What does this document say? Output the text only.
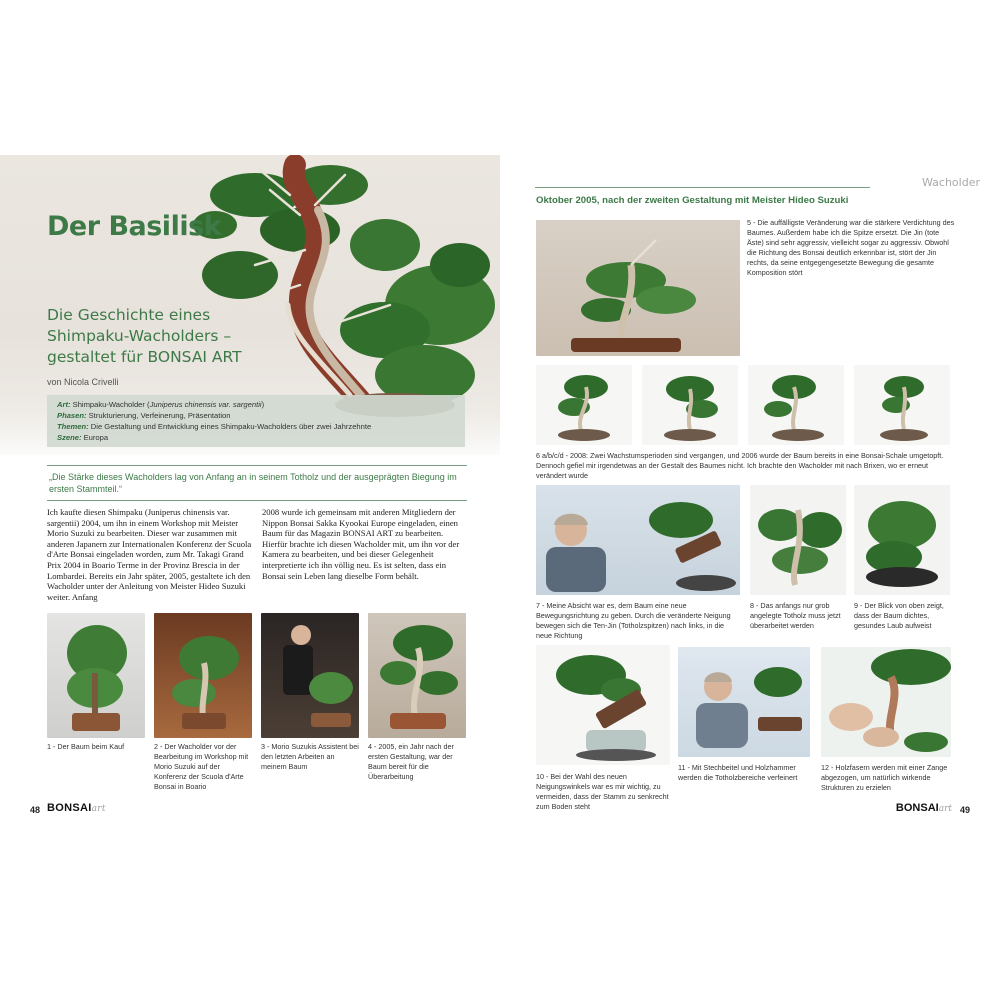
Der Basilisk
Die Geschichte eines Shimpaku-Wacholders – gestaltet für BONSAI ART
von Nicola Crivelli
Art: Shimpaku-Wacholder (Juniperus chinensis var. sargentii)
Phasen: Strukturierung, Verfeinerung, Präsentation
Themen: Die Gestaltung und Entwicklung eines Shimpaku-Wacholders über zwei Jahrzehnte
Szene: Europa
„Die Stärke dieses Wacholders lag von Anfang an in seinem Totholz und der ausgeprägten Biegung im ersten Stammteil.“
Ich kaufte diesen Shimpaku (Juniperus chinensis var. sargentii) 2004, um ihn in einem Workshop mit Meister Morio Suzuki zu bearbeiten. Dieser war zusammen mit anderen Japanern zur Internationalen Konferenz der Scuola d'Arte Bonsai eingeladen worden, zum Mr. Takagi Grand Prix 2004 in Boario Terme in der Provinz Brescia in der Lombardei. Bereits ein Jahr später, 2005, gestaltete ich den Wacholder unter der Anleitung von Meister Hideo Suzuki weiter. Anfang
2008 wurde ich gemeinsam mit anderen Mitgliedern der Nippon Bonsai Sakka Kyookai Europe eingeladen, einen Baum für das Magazin BONSAI ART zu bearbeiten. Hierfür brachte ich diesen Wacholder mit, um ihn vor der Kamera zu bearbeiten, und bei dieser Gelegenheit interpretierte ich ihn völlig neu. Es ist selten, dass ein Bonsai sein Leben lang dieselbe Form behält.
1 - Der Baum beim Kauf	2 - Der Wacholder vor der Bearbeitung im Workshop mit Morio Suzuki auf der Konferenz der Scuola d'Arte Bonsai in Boario
3 - Morio Suzukis Assistent bei den letzten Arbeiten an meinem Baum
4 - 2005, ein Jahr nach der ersten Gestaltung, war der Baum bereit für die Überarbeitung
48 BONSAIart
Wacholder
Oktober 2005, nach der zweiten Gestaltung mit Meister Hideo Suzuki
5 - Die auffälligste Veränderung war die stärkere Verdichtung des Baumes. Außerdem habe ich die Spitze ersetzt. Die Jin (tote Äste) sind sehr aggressiv, vielleicht sogar zu aggressiv. Obwohl die Richtung des Bonsai deutlich erkennbar ist, stört der Jin rechts, da seine entgegengesetzte Bewegung die gesamte Komposition stört
6 a/b/c/d - 2008: Zwei Wachstumsperioden sind vergangen, und 2006 wurde der Baum bereits in eine Bonsai-Schale umgetopft. Dennoch gefiel mir irgendetwas an der Gestalt des Baumes nicht. Ich brachte den Wacholder mit nach Brixen, wo er erneut verändert wurde
7 - Meine Absicht war es, dem Baum eine neue Bewegungsrichtung zu geben. Durch die veränderte Neigung bewegen sich die Ten-Jin (Totholzspitzen) nach links, in die neue Richtung
8 - Das anfangs nur grob angelegte Totholz muss jetzt überarbeitet werden
9 - Der Blick von oben zeigt, dass der Baum dichtes, gesundes Laub aufweist
10 - Bei der Wahl des neuen Neigungswinkels war es mir wichtig, zu vermeiden, dass der Stamm zu senkrecht zum Boden steht
11 - Mit Stechbeitel und Holzhammer werden die Totholzbereiche verfeinert
12 - Holzfasern werden mit einer Zange abgezogen, um natürlich wirkende Strukturen zu erzielen
BONSAIart 49
